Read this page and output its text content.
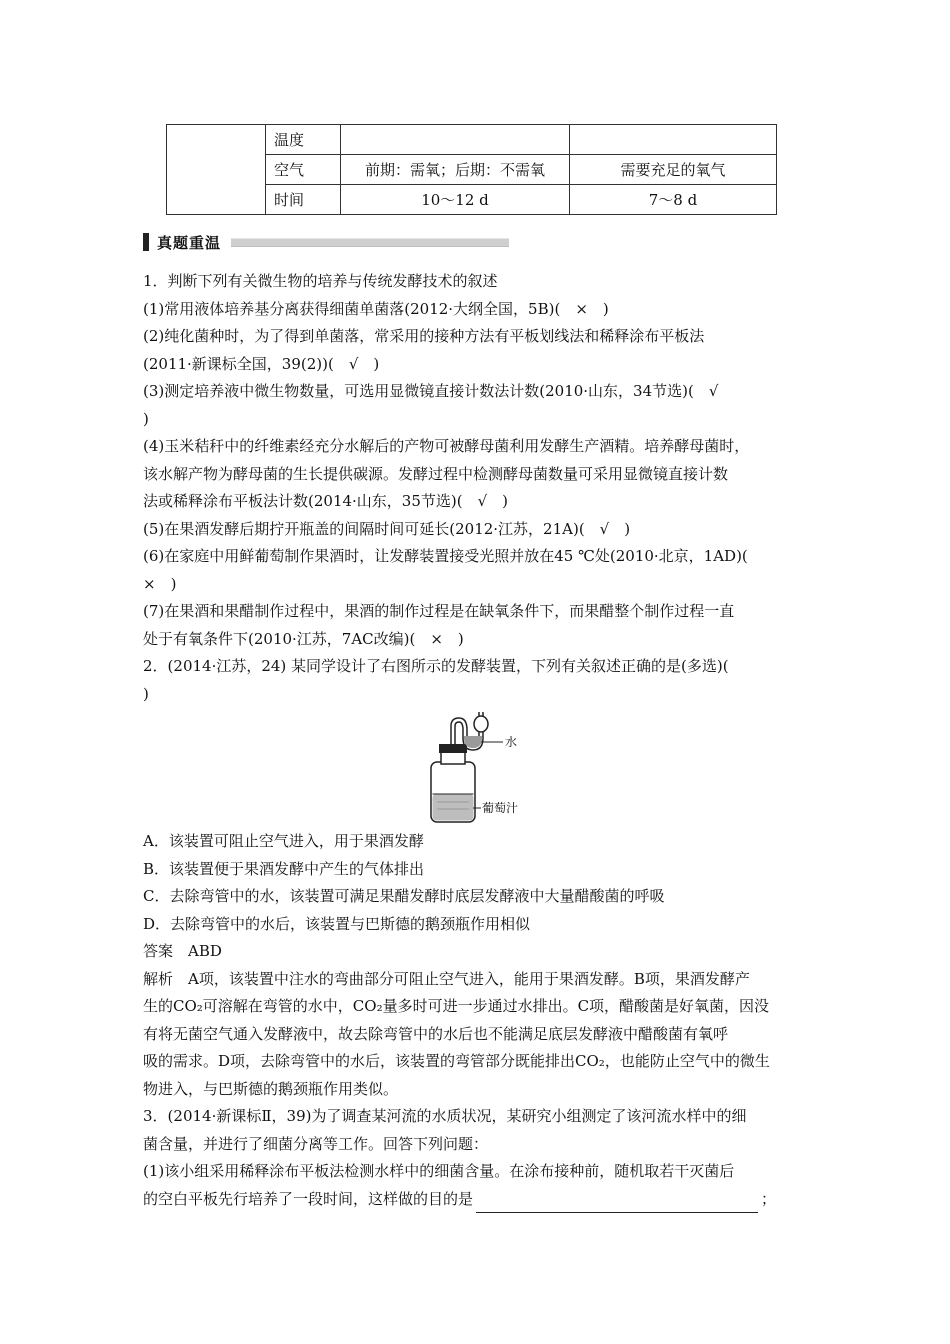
	温度		
	空气	前期：需氧；后期：不需氧	需要充足的氧气
	时间	10～12 d	7～8 d
真题重温

1．判断下列有关微生物的培养与传统发酵技术的叙述

(1)常用液体培养基分离获得细菌单菌落(2012·大纲全国，5B)(　×　)

(2)纯化菌种时，为了得到单菌落，常采用的接种方法有平板划线法和稀释涂布平板法

(2011·新课标全国，39(2))(　√　)

(3)测定培养液中微生物数量，可选用显微镜直接计数法计数(2010·山东，34节选)(　√

)

(4)玉米秸秆中的纤维素经充分水解后的产物可被酵母菌利用发酵生产酒精。培养酵母菌时，

该水解产物为酵母菌的生长提供碳源。发酵过程中检测酵母菌数量可采用显微镜直接计数

法或稀释涂布平板法计数(2014·山东，35节选)(　√　)

(5)在果酒发酵后期拧开瓶盖的间隔时间可延长(2012·江苏，21A)(　√　)

(6)在家庭中用鲜葡萄制作果酒时，让发酵装置接受光照并放在45 ℃处(2010·北京，1AD)(

×　)

(7)在果酒和果醋制作过程中，果酒的制作过程是在缺氧条件下，而果醋整个制作过程一直

处于有氧条件下(2010·江苏，7AC改编)(　×　)

2．(2014·江苏，24) 某同学设计了右图所示的发酵装置，下列有关叙述正确的是(多选)(

)

水
葡萄汁

A．该装置可阻止空气进入，用于果酒发酵

B．该装置便于果酒发酵中产生的气体排出

C．去除弯管中的水，该装置可满足果醋发酵时底层发酵液中大量醋酸菌的呼吸

D．去除弯管中的水后，该装置与巴斯德的鹅颈瓶作用相似

答案　ABD

解析　A项，该装置中注水的弯曲部分可阻止空气进入，能用于果酒发酵。B项，果酒发酵产

生的CO₂可溶解在弯管的水中，CO₂量多时可进一步通过水排出。C项，醋酸菌是好氧菌，因没

有将无菌空气通入发酵液中，故去除弯管中的水后也不能满足底层发酵液中醋酸菌有氧呼

吸的需求。D项，去除弯管中的水后，该装置的弯管部分既能排出CO₂，也能防止空气中的微生

物进入，与巴斯德的鹅颈瓶作用类似。

3．(2014·新课标Ⅱ，39)为了调查某河流的水质状况，某研究小组测定了该河流水样中的细

菌含量，并进行了细菌分离等工作。回答下列问题：

(1)该小组采用稀释涂布平板法检测水样中的细菌含量。在涂布接种前，随机取若干灭菌后

的空白平板先行培养了一段时间，这样做的目的是	；
